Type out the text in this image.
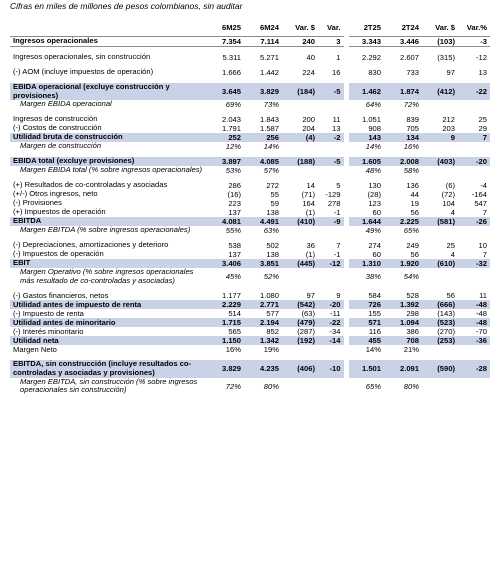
Cifras en miles de millones de pesos colombianos, sin auditar
	6M25	6M24	Var. $	Var.	2T25	2T24	Var. $	Var.%
Ingresos operacionales	7.354	7.114	240	3	3.343	3.446	(103)	-3

Ingresos operacionales, sin construcción	5.311	5.271	40	1	2.292	2.607	(315)	-12

(-) AOM (incluye impuestos de operación)	1.666	1.442	224	16	830	733	97	13

EBIDA operacional (excluye construcción y provisiones)	3.645	3.829	(184)	-5	1.462	1.874	(412)	-22
Margen EBIDA operacional	69%	73%			64%	72%		

Ingresos de construcción	2.043	1.843	200	11	1.051	839	212	25
(-) Costos de construcción	1.791	1.587	204	13	908	705	203	29
Utilidad bruta de construcción	252	256	(4)	-2	143	134	9	7
Margen de construcción	12%	14%			14%	16%		

EBIDA total (excluye provisiones)	3.897	4.085	(188)	-5	1.605	2.008	(403)	-20
Margen EBIDA total (% sobre ingresos operacionales)	53%	57%			48%	58%		

(+) Resultados de co-controladas y asociadas	286	272	14	5	130	136	(6)	-4
(+/-) Otros ingresos, neto	(16)	55	(71)	-129	(28)	44	(72)	-164
(-) Provisiones	223	59	164	278	123	19	104	547
(+) Impuestos de operación	137	138	(1)	-1	60	56	4	7
EBITDA	4.081	4.491	(410)	-9	1.644	2.225	(581)	-26
Margen EBITDA (% sobre ingresos operacionales)	55%	63%			49%	65%		

(-) Depreciaciones, amortizaciones y deterioro	538	502	36	7	274	249	25	10
(-) Impuestos de operación	137	138	(1)	-1	60	56	4	7
EBIT	3.406	3.851	(445)	-12	1.310	1.920	(610)	-32
Margen Operativo (% sobre ingresos operacionales más resultado de co-controladas y asociadas)	45%	52%			38%	54%		

(-) Gastos financieros, netos	1.177	1.080	97	9	584	528	56	11
Utilidad antes de impuesto de renta	2.229	2.771	(542)	-20	726	1.392	(666)	-48
(-) Impuesto de renta	514	577	(63)	-11	155	298	(143)	-48
Utilidad antes de minoritario	1.715	2.194	(479)	-22	571	1.094	(523)	-48
(-) Interés minoritario	565	852	(287)	-34	116	386	(270)	-70
Utilidad neta	1.150	1.342	(192)	-14	455	708	(253)	-36
Margen Neto	16%	19%			14%	21%		

EBITDA, sin construcción (incluye resultados co-controladas y asociadas y provisiones)	3.829	4.235	(406)	-10	1.501	2.091	(590)	-28
Margen EBITDA, sin construcción (% sobre ingresos operacionales sin construcción)	72%	80%			65%	80%		
